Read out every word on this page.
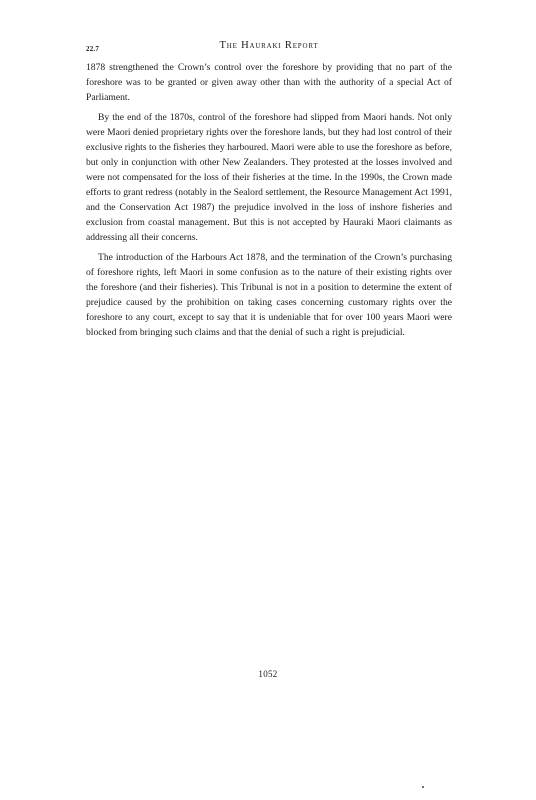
22.7	The Hauraki Report

1878 strengthened the Crown’s control over the foreshore by providing that no part of the foreshore was to be granted or given away other than with the authority of a special Act of Parliament.

By the end of the 1870s, control of the foreshore had slipped from Maori hands. Not only were Maori denied proprietary rights over the foreshore lands, but they had lost control of their exclusive rights to the fisheries they harboured. Maori were able to use the foreshore as before, but only in conjunction with other New Zealanders. They protested at the losses involved and were not compensated for the loss of their fisheries at the time. In the 1990s, the Crown made efforts to grant redress (notably in the Sealord settlement, the Resource Management Act 1991, and the Conservation Act 1987) the prejudice involved in the loss of inshore fisheries and exclusion from coastal management. But this is not accepted by Hauraki Maori claimants as addressing all their concerns.

The introduction of the Harbours Act 1878, and the termination of the Crown’s purchasing of foreshore rights, left Maori in some confusion as to the nature of their existing rights over the foreshore (and their fisheries). This Tribunal is not in a position to determine the extent of prejudice caused by the prohibition on taking cases concerning customary rights over the foreshore to any court, except to say that it is undeniable that for over 100 years Maori were blocked from bringing such claims and that the denial of such a right is prejudicial.

1052
